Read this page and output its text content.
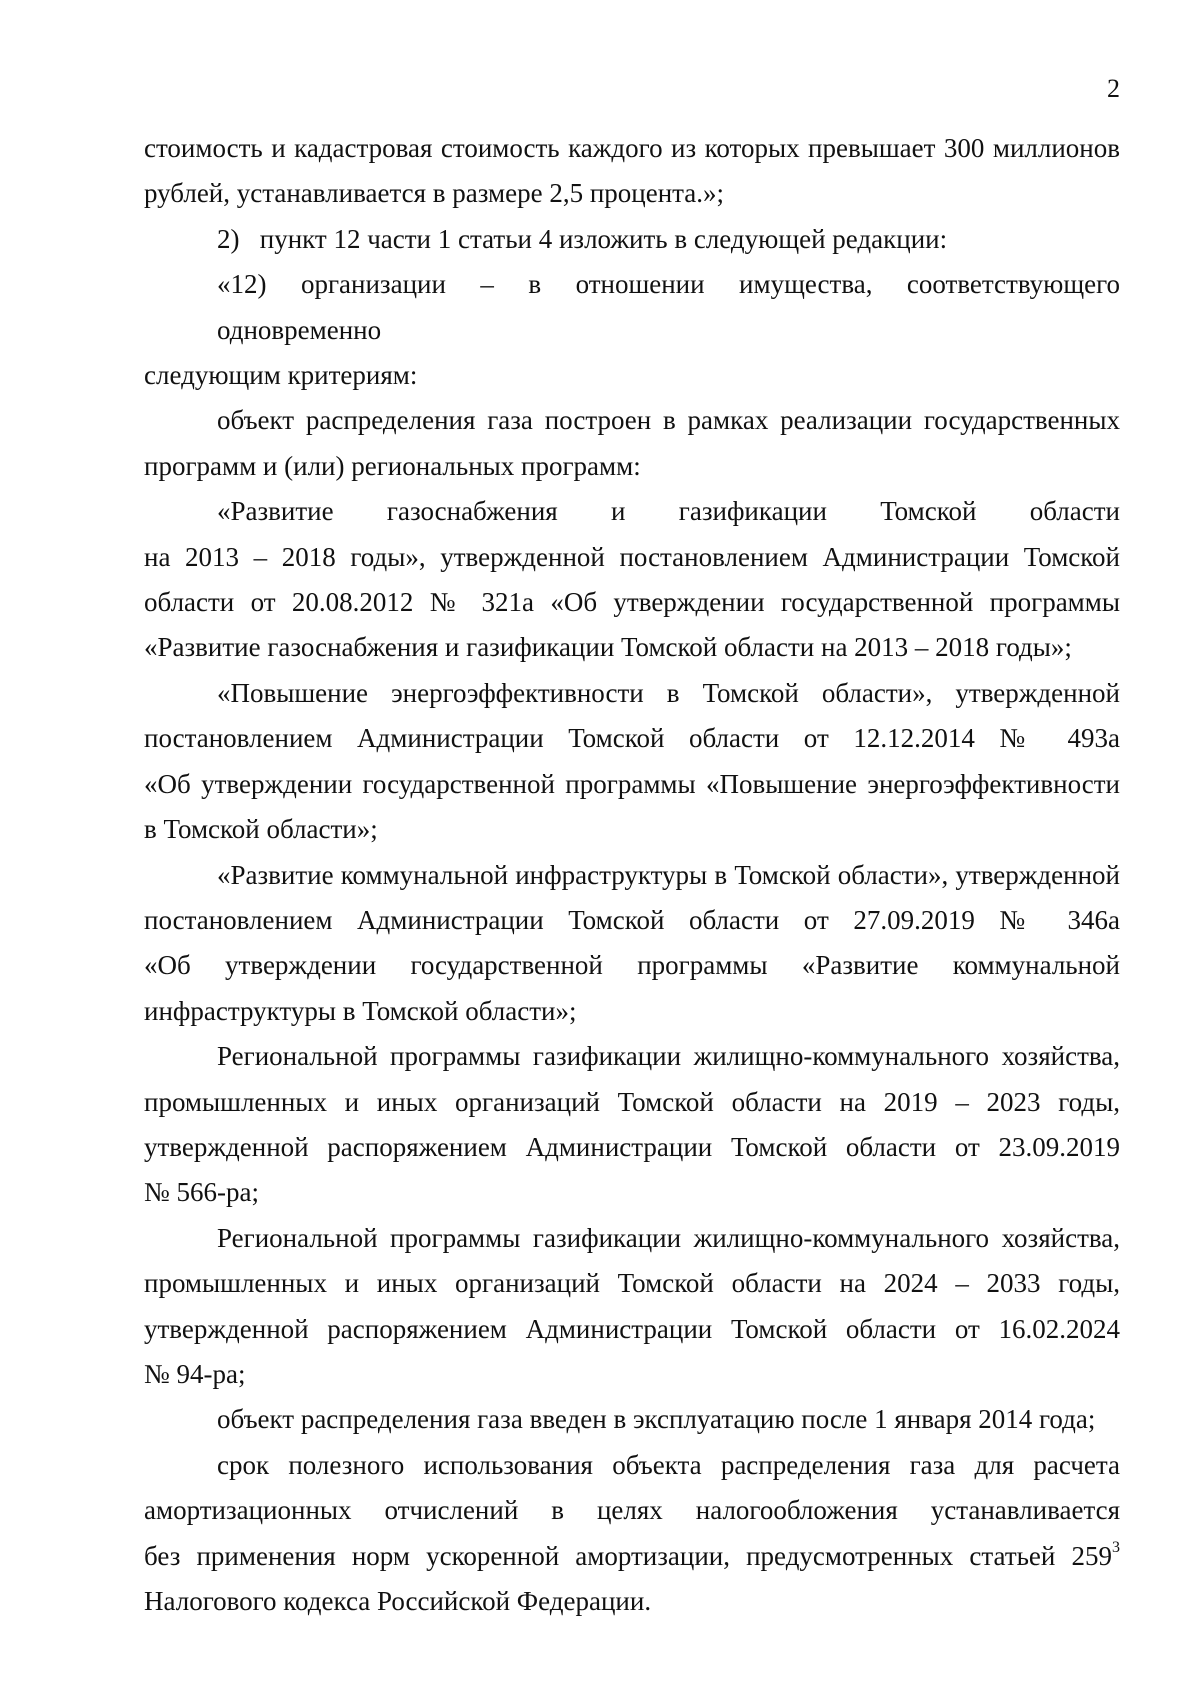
2
стоимость и кадастровая стоимость каждого из которых превышает 300 миллионов
рублей, устанавливается в размере 2,5 процента.»;
2)   пункт 12 части 1 статьи 4 изложить в следующей редакции:
«12) организации – в отношении имущества, соответствующего одновременно
следующим критериям:
объект распределения газа построен в рамках реализации государственных
программ и (или) региональных программ:
«Развитие газоснабжения и газификации Томской области
на 2013 – 2018 годы», утвержденной постановлением Администрации Томской
области от 20.08.2012 № 321а «Об утверждении государственной программы
«Развитие газоснабжения и газификации Томской области на 2013 – 2018 годы»;
«Повышение энергоэффективности в Томской области», утвержденной
постановлением Администрации Томской области от 12.12.2014 № 493а
«Об утверждении государственной программы «Повышение энергоэффективности
в Томской области»;
«Развитие коммунальной инфраструктуры в Томской области», утвержденной
постановлением Администрации Томской области от 27.09.2019 № 346а
«Об утверждении государственной программы «Развитие коммунальной
инфраструктуры в Томской области»;
Региональной программы газификации жилищно-коммунального хозяйства,
промышленных и иных организаций Томской области на 2019 – 2023 годы,
утвержденной распоряжением Администрации Томской области от 23.09.2019
№ 566-ра;
Региональной программы газификации жилищно-коммунального хозяйства,
промышленных и иных организаций Томской области на 2024 – 2033 годы,
утвержденной распоряжением Администрации Томской области от 16.02.2024
№ 94-ра;
объект распределения газа введен в эксплуатацию после 1 января 2014 года;
срок полезного использования объекта распределения газа для расчета
амортизационных отчислений в целях налогообложения устанавливается
без применения норм ускоренной амортизации, предусмотренных статьей $259^3$
Налогового кодекса Российской Федерации.
